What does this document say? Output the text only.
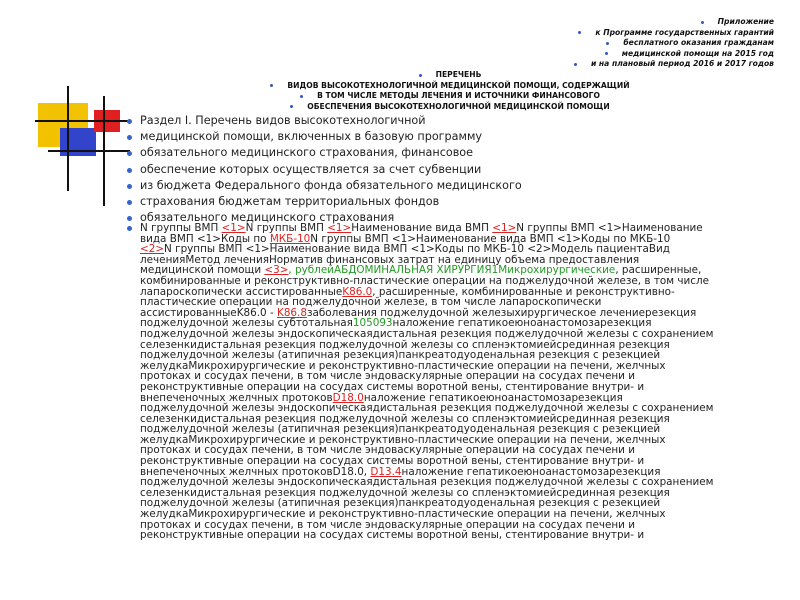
Приложение
к Программе государственных гарантий
бесплатного оказания гражданам
медицинской помощи на 2015 год
и на плановый период 2016 и 2017 годов
ПЕРЕЧЕНЬ
ВИДОВ ВЫСОКОТЕХНОЛОГИЧНОЙ МЕДИЦИНСКОЙ ПОМОЩИ, СОДЕРЖАЩИЙ
В ТОМ ЧИСЛЕ МЕТОДЫ ЛЕЧЕНИЯ И ИСТОЧНИКИ ФИНАНСОВОГО
ОБЕСПЕЧЕНИЯ ВЫСОКОТЕХНОЛОГИЧНОЙ МЕДИЦИНСКОЙ ПОМОЩИ
Раздел I. Перечень видов высокотехнологичной
медицинской помощи, включенных в базовую программу
обязательного медицинского страхования, финансовое
обеспечение которых осуществляется за счет субвенции
из бюджета Федерального фонда обязательного медицинского
страхования бюджетам территориальных фондов
обязательного медицинского страхования
N группы ВМП <1>N группы ВМП <1>Наименование вида ВМП <1>N группы ВМП <1>Наименование
вида ВМП <1>Коды по МКБ-10N группы ВМП <1>Наименование вида ВМП <1>Коды по МКБ-10
<2>N группы ВМП <1>Наименование вида ВМП <1>Коды по МКБ-10 <2>Модель пациентаВид
леченияМетод леченияНорматив финансовых затрат на единицу объема предоставления
медицинской помощи <3>, рублейАБДОМИНАЛЬНАЯ ХИРУРГИЯ1Микрохирургические, расширенные,
комбинированные и реконструктивно-пластические операции на поджелудочной железе, в том числе
лапароскопически ассистированныеK86.0, расширенные, комбинированные и реконструктивно-
пластические операции на поджелудочной железе, в том числе лапароскопически
ассистированныеK86.0 - K86.8заболевания поджелудочной железыхирургическое лечениерезекция
поджелудочной железы субтотальная105093наложение гепатикоеюноанастомозарезекция
поджелудочной железы эндоскопическаядистальная резекция поджелудочной железы с сохранением
селезенкидистальная резекция поджелудочной железы со спленэктомиейсрединная резекция
поджелудочной железы (атипичная резекция)панкреатодуоденальная резекция с резекцией
желудкаМикрохирургические и реконструктивно-пластические операции на печени, желчных
протоках и сосудах печени, в том числе эндоваскулярные операции на сосудах печени и
реконструктивные операции на сосудах системы воротной вены, стентирование внутри- и
внепеченочных желчных протоковD18.0наложение гепатикоеюноанастомозарезекция
поджелудочной железы эндоскопическаядистальная резекция поджелудочной железы с сохранением
селезенкидистальная резекция поджелудочной железы со спленэктомиейсрединная резекция
поджелудочной железы (атипичная резекция)панкреатодуоденальная резекция с резекцией
желудкаМикрохирургические и реконструктивно-пластические операции на печени, желчных
протоках и сосудах печени, в том числе эндоваскулярные операции на сосудах печени и
реконструктивные операции на сосудах системы воротной вены, стентирование внутри- и
внепеченочных желчных протоковD18.0, D13.4наложение гепатикоеюноанастомозарезекция
поджелудочной железы эндоскопическаядистальная резекция поджелудочной железы с сохранением
селезенкидистальная резекция поджелудочной железы со спленэктомиейсрединная резекция
поджелудочной железы (атипичная резекция)панкреатодуоденальная резекция с резекцией
желудкаМикрохирургические и реконструктивно-пластические операции на печени, желчных
протоках и сосудах печени, в том числе эндоваскулярные операции на сосудах печени и
реконструктивные операции на сосудах системы воротной вены, стентирование внутри- и
